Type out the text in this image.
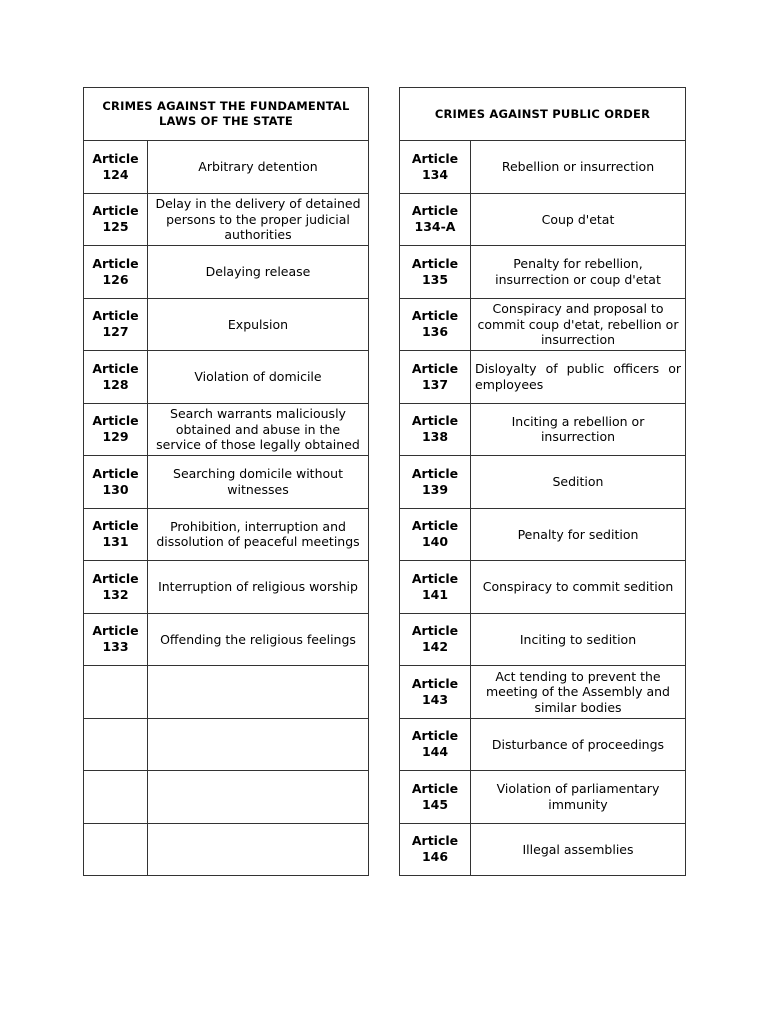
CRIMES AGAINST THE FUNDAMENTAL LAWS OF THE STATE	

Article
124	Arbitrary detention

Article
125	Delay in the delivery of detained persons to the proper judicial authorities

Article
126	Delaying release

Article
127	Expulsion

Article
128	Violation of domicile

Article
129	Search warrants maliciously obtained and abuse in the service of those legally obtained

Article
130	Searching domicile without witnesses

Article
131	Prohibition, interruption and dissolution of peaceful meetings

Article
132	Interruption of religious worship

Article
133	Offending the religious feelings

CRIMES AGAINST PUBLIC ORDER	

Article
134	Rebellion or insurrection

Article
134-A	Coup d'etat

Article
135	Penalty for rebellion, insurrection or coup d'etat

Article
136	Conspiracy and proposal to commit coup d'etat, rebellion or insurrection

Article
137	Disloyalty of public officers or employees

Article
138	Inciting a rebellion or insurrection

Article
139	Sedition

Article
140	Penalty for sedition

Article
141	Conspiracy to commit sedition

Article
142	Inciting to sedition

Article
143	Act tending to prevent the meeting of the Assembly and similar bodies

Article
144	Disturbance of proceedings

Article
145	Violation of parliamentary immunity

Article
146	Illegal assemblies
